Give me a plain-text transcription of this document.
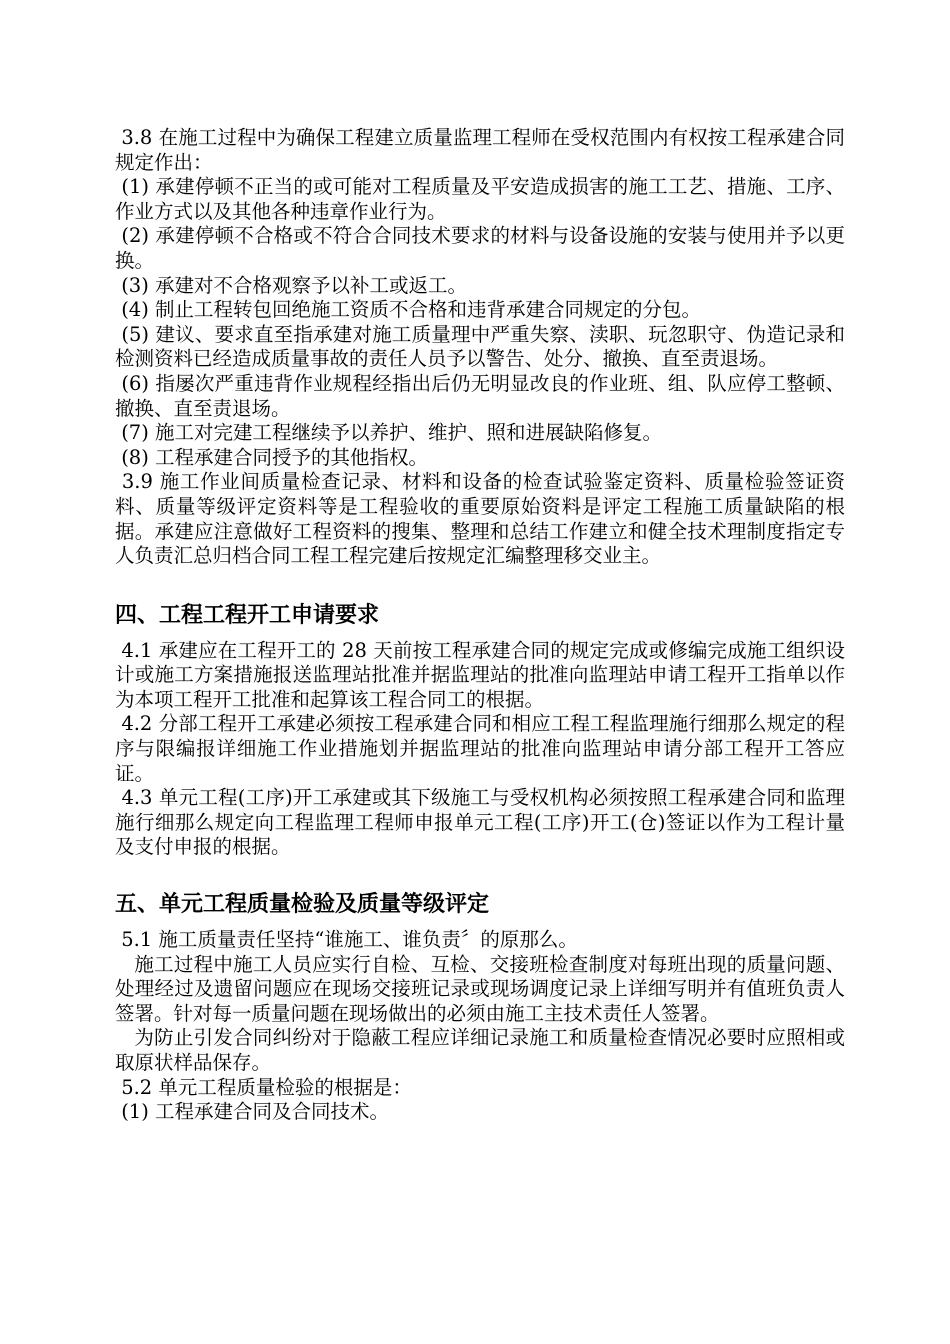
3.8 在施工过程中为确保工程建立质量监理工程师在受权范围内有权按工程承建合同规定作出：

(1) 承建停顿不正当的或可能对工程质量及平安造成损害的施工工艺、措施、工序、作业方式以及其他各种违章作业行为。

(2) 承建停顿不合格或不符合合同技术要求的材料与设备设施的安装与使用并予以更换。

(3) 承建对不合格观察予以补工或返工。

(4) 制止工程转包回绝施工资质不合格和违背承建合同规定的分包。

(5) 建议、要求直至指承建对施工质量理中严重失察、渎职、玩忽职守、伪造记录和检测资料已经造成质量事故的责任人员予以警告、处分、撤换、直至责退场。

(6) 指屡次严重违背作业规程经指出后仍无明显改良的作业班、组、队应停工整顿、撤换、直至责退场。

(7) 施工对完建工程继续予以养护、维护、照和进展缺陷修复。

(8) 工程承建合同授予的其他指权。

3.9 施工作业间质量检查记录、材料和设备的检查试验鉴定资料、质量检验签证资料、质量等级评定资料等是工程验收的重要原始资料是评定工程施工质量缺陷的根据。承建应注意做好工程资料的搜集、整理和总结工作建立和健全技术理制度指定专人负责汇总归档合同工程工程完建后按规定汇编整理移交业主。

四、工程工程开工申请要求

4.1 承建应在工程开工的 28 天前按工程承建合同的规定完成或修编完成施工组织设计或施工方案措施报送监理站批准并据监理站的批准向监理站申请工程开工指单以作为本项工程开工批准和起算该工程合同工的根据。

4.2 分部工程开工承建必须按工程承建合同和相应工程工程监理施行细那么规定的程序与限编报详细施工作业措施划并据监理站的批准向监理站申请分部工程开工答应证。

4.3 单元工程(工序)开工承建或其下级施工与受权机构必须按照工程承建合同和监理施行细那么规定向工程监理工程师申报单元工程(工序)开工(仓)签证以作为工程计量及支付申报的根据。

五、单元工程质量检验及质量等级评定

5.1 施工质量责任坚持“谁施工、谁负责〞的原那么。

施工过程中施工人员应实行自检、互检、交接班检查制度对每班出现的质量问题、处理经过及遗留问题应在现场交接班记录或现场调度记录上详细写明并有值班负责人签署。针对每一质量问题在现场做出的必须由施工主技术责任人签署。

为防止引发合同纠纷对于隐蔽工程应详细记录施工和质量检查情况必要时应照相或取原状样品保存。

5.2 单元工程质量检验的根据是：

(1) 工程承建合同及合同技术。
